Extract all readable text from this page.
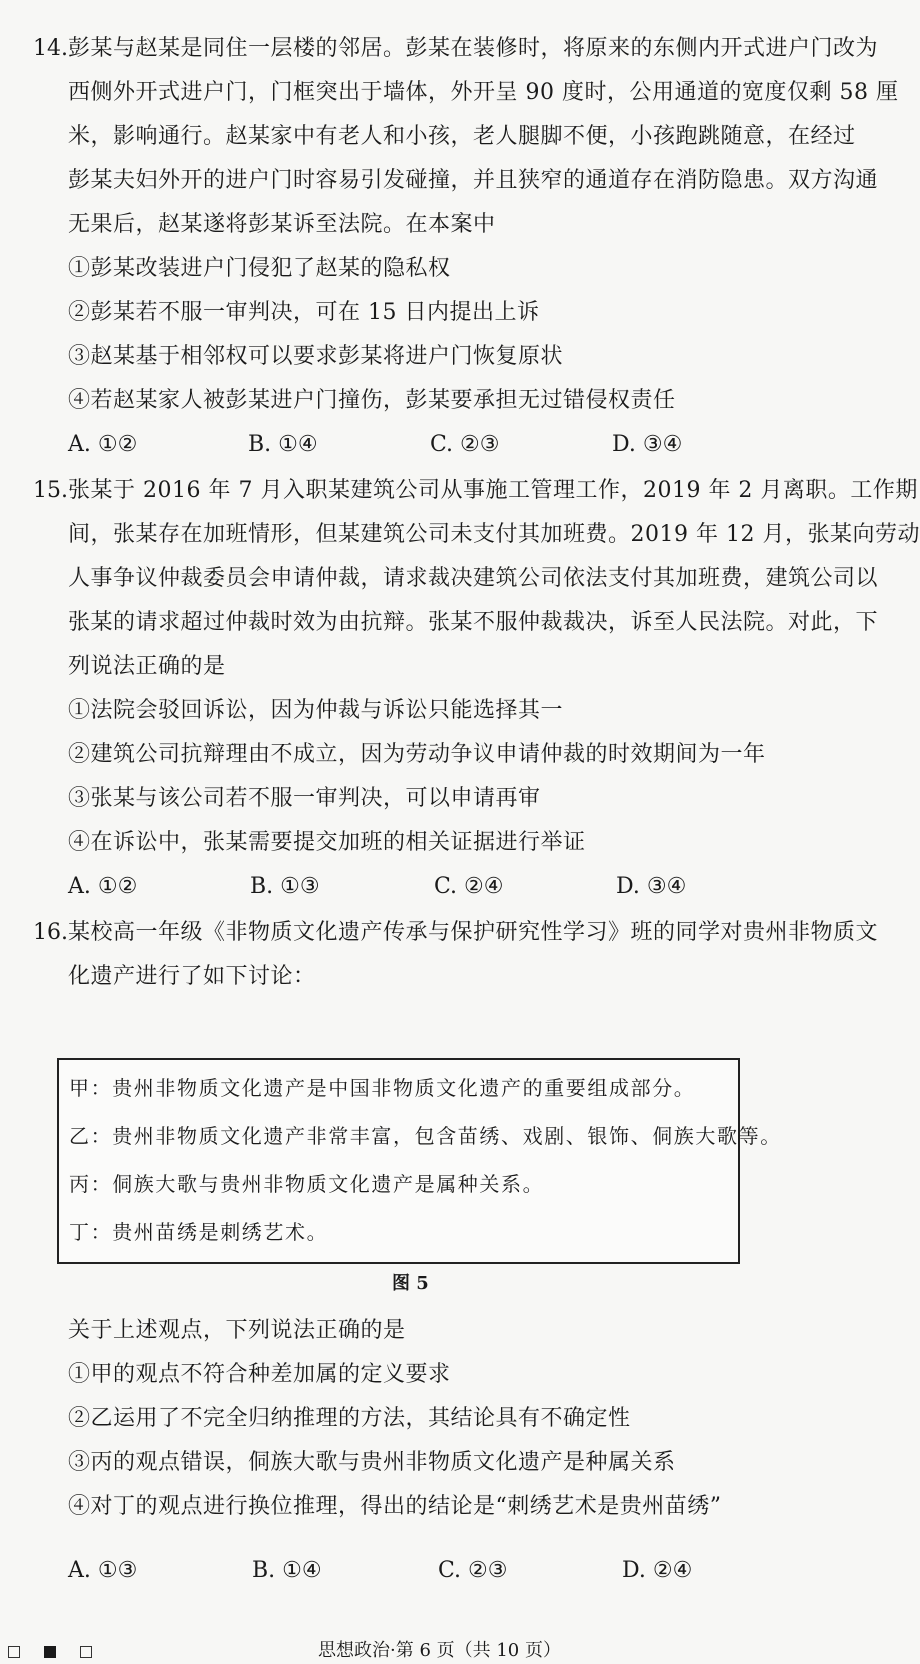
14. 彭某与赵某是同住一层楼的邻居。彭某在装修时，将原来的东侧内开式进户门改为
西侧外开式进户门，门框突出于墙体，外开呈 90 度时，公用通道的宽度仅剩 58 厘
米，影响通行。赵某家中有老人和小孩，老人腿脚不便，小孩跑跳随意，在经过
彭某夫妇外开的进户门时容易引发碰撞，并且狭窄的通道存在消防隐患。双方沟通
无果后，赵某遂将彭某诉至法院。在本案中
①彭某改装进户门侵犯了赵某的隐私权
②彭某若不服一审判决，可在 15 日内提出上诉
③赵某基于相邻权可以要求彭某将进户门恢复原状
④若赵某家人被彭某进户门撞伤，彭某要承担无过错侵权责任
A. ①②	B. ①④	C. ②③	D. ③④
15. 张某于 2016 年 7 月入职某建筑公司从事施工管理工作，2019 年 2 月离职。工作期
间，张某存在加班情形，但某建筑公司未支付其加班费。2019 年 12 月，张某向劳动
人事争议仲裁委员会申请仲裁，请求裁决建筑公司依法支付其加班费，建筑公司以
张某的请求超过仲裁时效为由抗辩。张某不服仲裁裁决，诉至人民法院。对此，下
列说法正确的是
①法院会驳回诉讼，因为仲裁与诉讼只能选择其一
②建筑公司抗辩理由不成立，因为劳动争议申请仲裁的时效期间为一年
③张某与该公司若不服一审判决，可以申请再审
④在诉讼中，张某需要提交加班的相关证据进行举证
A. ①②	B. ①③	C. ②④	D. ③④
16. 某校高一年级《非物质文化遗产传承与保护研究性学习》班的同学对贵州非物质文
化遗产进行了如下讨论：
甲：贵州非物质文化遗产是中国非物质文化遗产的重要组成部分。
乙：贵州非物质文化遗产非常丰富，包含苗绣、戏剧、银饰、侗族大歌等。
丙：侗族大歌与贵州非物质文化遗产是属种关系。
丁：贵州苗绣是刺绣艺术。
图 5
关于上述观点，下列说法正确的是
①甲的观点不符合种差加属的定义要求
②乙运用了不完全归纳推理的方法，其结论具有不确定性
③丙的观点错误，侗族大歌与贵州非物质文化遗产是种属关系
④对丁的观点进行换位推理，得出的结论是“刺绣艺术是贵州苗绣”
A. ①③	B. ①④	C. ②③	D. ②④
思想政治·第 6 页（共 10 页）
